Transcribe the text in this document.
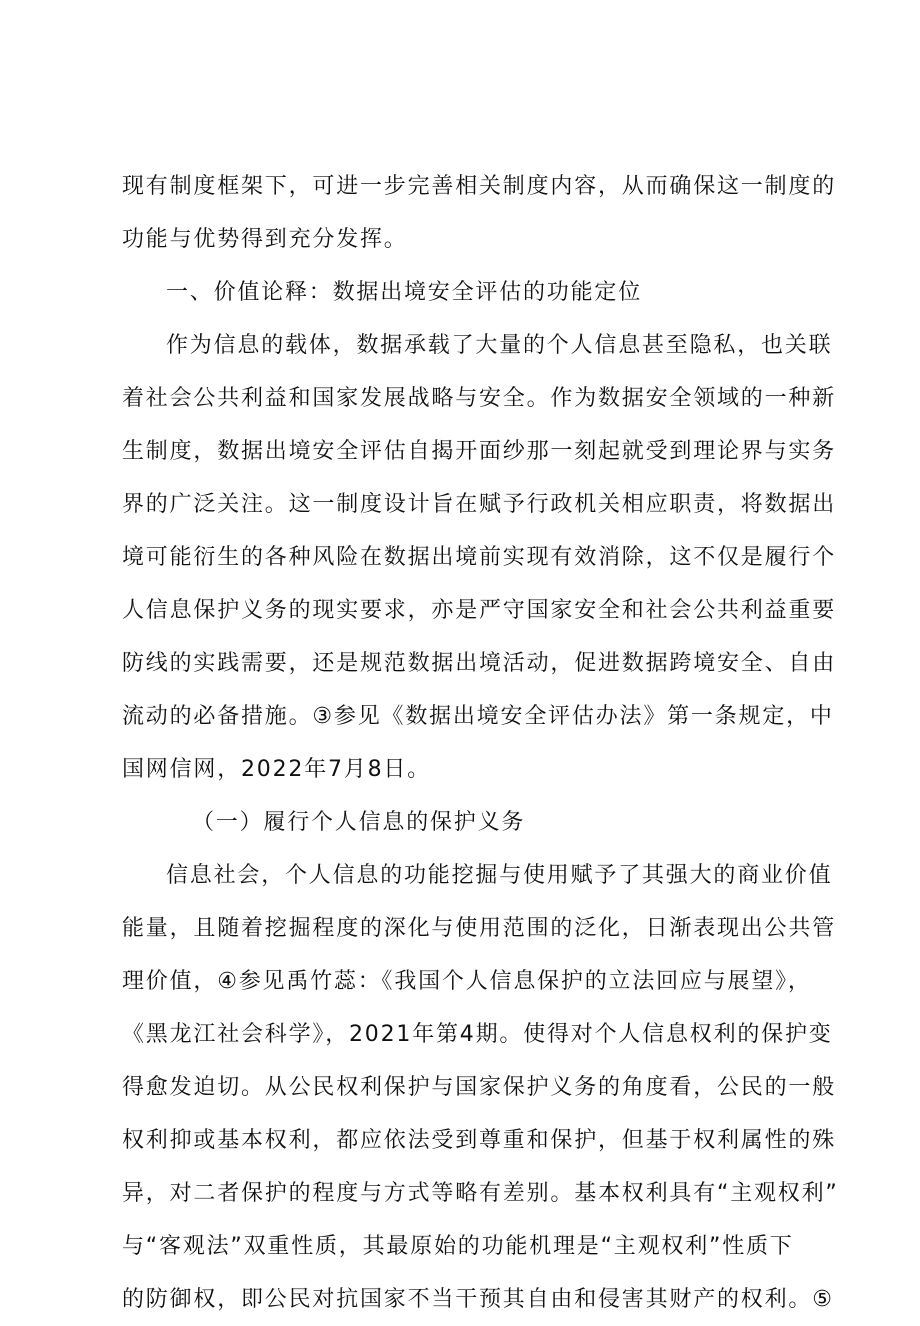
现有制度框架下，可进一步完善相关制度内容，从而确保这一制度的
功能与优势得到充分发挥。
一、价值论释：数据出境安全评估的功能定位
作为信息的载体，数据承载了大量的个人信息甚至隐私，也关联
着社会公共利益和国家发展战略与安全。作为数据安全领域的一种新
生制度，数据出境安全评估自揭开面纱那一刻起就受到理论界与实务
界的广泛关注。这一制度设计旨在赋予行政机关相应职责，将数据出
境可能衍生的各种风险在数据出境前实现有效消除，这不仅是履行个
人信息保护义务的现实要求，亦是严守国家安全和社会公共利益重要
防线的实践需要，还是规范数据出境活动，促进数据跨境安全、自由
流动的必备措施。③参见《数据出境安全评估办法》第一条规定，中
国网信网，2022年7月8日。
（一）履行个人信息的保护义务
信息社会，个人信息的功能挖掘与使用赋予了其强大的商业价值
能量，且随着挖掘程度的深化与使用范围的泛化，日渐表现出公共管
理价值，④参见禹竹蕊：《我国个人信息保护的立法回应与展望》，
《黑龙江社会科学》，2021年第4期。使得对个人信息权利的保护变
得愈发迫切。从公民权利保护与国家保护义务的角度看，公民的一般
权利抑或基本权利，都应依法受到尊重和保护，但基于权利属性的殊
异，对二者保护的程度与方式等略有差别。基本权利具有“主观权利”
与“客观法”双重性质，其最原始的功能机理是“主观权利”性质下
的防御权，即公民对抗国家不当干预其自由和侵害其财产的权利。⑤
